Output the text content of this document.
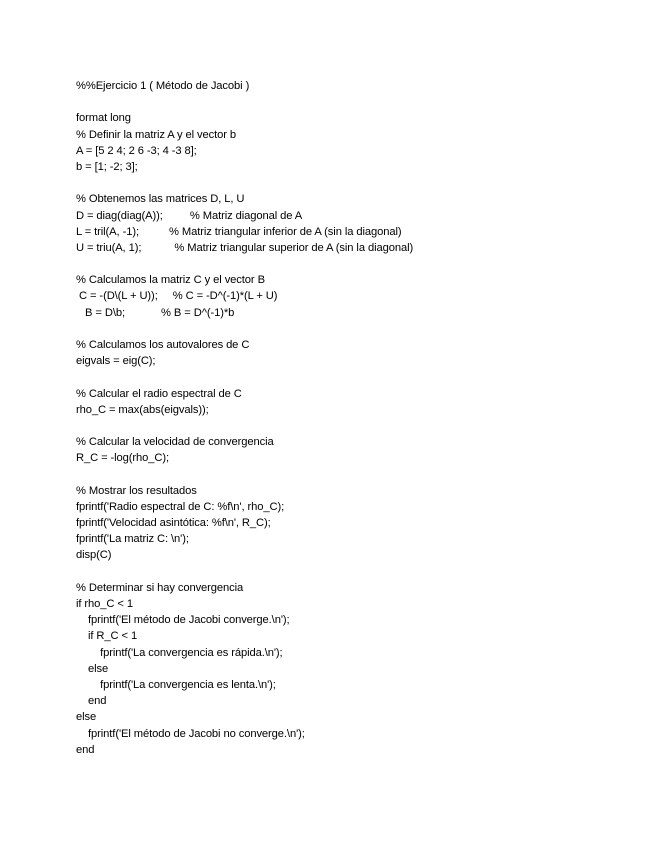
%%Ejercicio 1 ( Método de Jacobi )
format long
% Definir la matriz A y el vector b
A = [5 2 4; 2 6 -3; 4 -3 8];
b = [1; -2; 3];
% Obtenemos las matrices D, L, U
D = diag(diag(A));         % Matriz diagonal de A
L = tril(A, -1);          % Matriz triangular inferior de A (sin la diagonal)
U = triu(A, 1);           % Matriz triangular superior de A (sin la diagonal)
% Calculamos la matriz C y el vector B
C = -(D\(L + U));     % C = -D^(-1)*(L + U)
B = D\b;            % B = D^(-1)*b
% Calculamos los autovalores de C
eigvals = eig(C);
% Calcular el radio espectral de C
rho_C = max(abs(eigvals));
% Calcular la velocidad de convergencia
R_C = -log(rho_C);
% Mostrar los resultados
fprintf('Radio espectral de C: %f\n', rho_C);
fprintf('Velocidad asintótica: %f\n', R_C);
fprintf('La matriz C: \n');
disp(C)
% Determinar si hay convergencia
if rho_C < 1
fprintf('El método de Jacobi converge.\n');
if R_C < 1
fprintf('La convergencia es rápida.\n');
else
fprintf('La convergencia es lenta.\n');
end
else
fprintf('El método de Jacobi no converge.\n');
end
